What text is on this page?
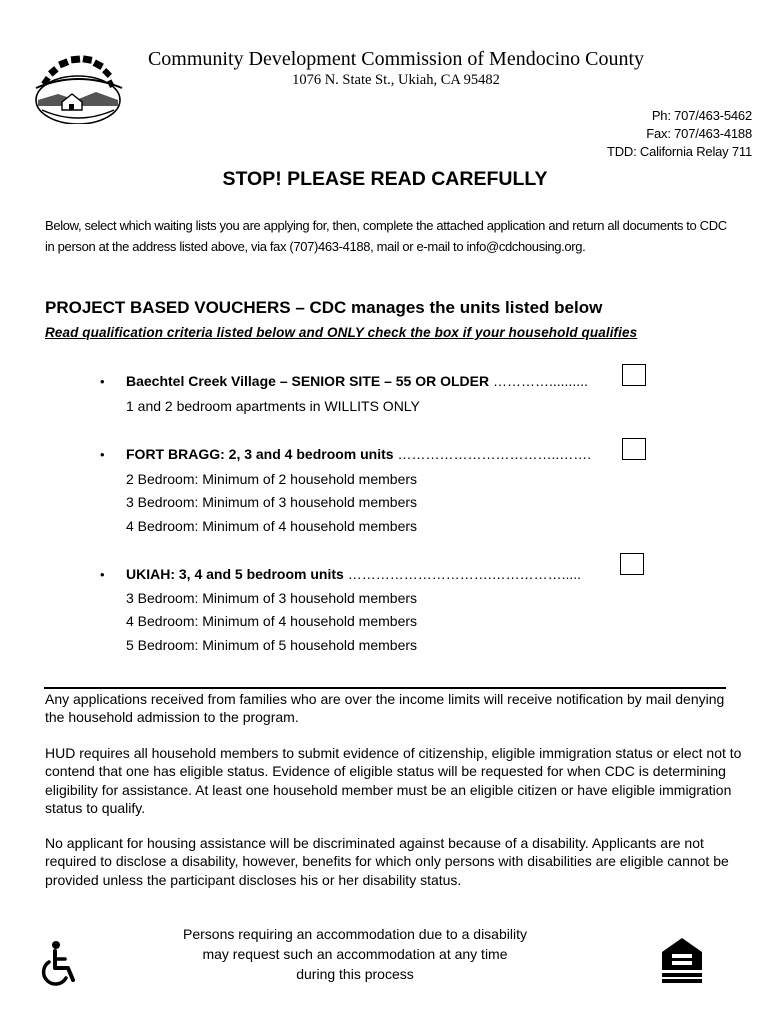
Community Development Commission of Mendocino County
1076 N. State St., Ukiah, CA 95482
Ph: 707/463-5462
Fax: 707/463-4188
TDD: California Relay 711
STOP! PLEASE READ CAREFULLY
Below, select which waiting lists you are applying for, then, complete the attached application and return all documents to CDC in person at the address listed above, via fax (707)463-4188, mail or e-mail to info@cdchousing.org.
PROJECT BASED VOUCHERS – CDC manages the units listed below
Read qualification criteria listed below and ONLY check the box if your household qualifies
• Baechtel Creek Village – SENIOR SITE – 55 OR OLDER …………..........
1 and 2 bedroom apartments in WILLITS ONLY
• FORT BRAGG: 2, 3 and 4 bedroom units ……………………………..…….
2 Bedroom: Minimum of 2 household members
3 Bedroom: Minimum of 3 household members
4 Bedroom: Minimum of 4 household members
• UKIAH: 3, 4 and 5 bedroom units ………………………….…………….....
3 Bedroom: Minimum of 3 household members
4 Bedroom: Minimum of 4 household members
5 Bedroom: Minimum of 5 household members
Any applications received from families who are over the income limits will receive notification by mail denying the household admission to the program.
HUD requires all household members to submit evidence of citizenship, eligible immigration status or elect not to contend that one has eligible status. Evidence of eligible status will be requested for when CDC is determining eligibility for assistance. At least one household member must be an eligible citizen or have eligible immigration status to qualify.
No applicant for housing assistance will be discriminated against because of a disability. Applicants are not required to disclose a disability, however, benefits for which only persons with disabilities are eligible cannot be provided unless the participant discloses his or her disability status.
Persons requiring an accommodation due to a disability
may request such an accommodation at any time
during this process
